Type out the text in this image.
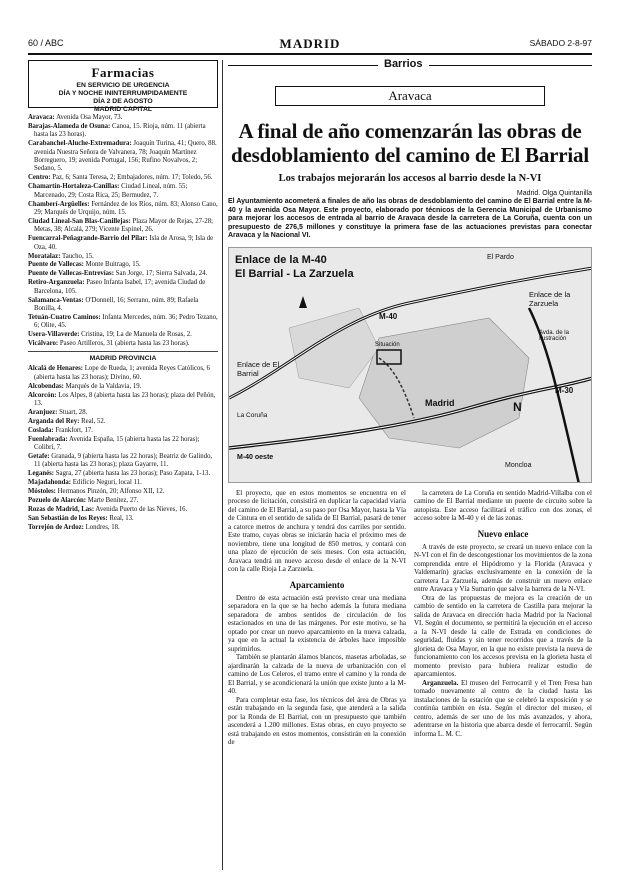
60 / ABC	MADRID	SÁBADO 2-8-97
Farmacias
EN SERVICIO DE URGENCIA
DÍA Y NOCHE ININTERRUMPIDAMENTE
DÍA 2 DE AGOSTO
MADRID CAPITAL

Aravaca: Avenida Osa Mayor, 73.

Barajas-Alameda de Osuna: Canoa, 15. Rioja, núm. 11 (abierta hasta las 23 horas).

Carabanchel-Aluche-Extremadura: Joaquín Turina, 41; Quero, 88. avenida Nuestra Señora de Valvanera, 78; Joaquín Martínez Borreguero, 19; avenida Portugal, 156; Rufino Novalvos, 2; Sedano, 5.

Centro: Paz, 6; Santa Teresa, 2; Embajadores, núm. 17; Toledo, 56.

Chamartín-Hortaleza-Canillas: Ciudad Lineal, núm. 55; Marcenado, 29; Costa Rica, 25; Bermudez, 7.

Chamberí-Argüelles: Fernández de los Ríos, núm. 83; Alonso Cano, 29; Marqués de Urquijo, núm. 15.

Ciudad Lineal-San Blas-Canillejas: Plaza Mayor de Rejas, 27-28; Metas, 38; Alcalá, 279; Vicente Espinel, 26.

Fuencarral-Peñagrande-Barrio del Pilar: Isla de Arosa, 9; Isla de Oza, 40.

Moratalaz: Taucho, 15.

Puente de Vallecas: Monte Buitrago, 15.

Puente de Vallecas-Entrevías: San Jorge, 17; Sierra Salvada, 24.

Retiro-Arganzuela: Paseo Infanta Isabel, 17; avenida Ciudad de Barcelona, 105.

Salamanca-Ventas: O'Donnell, 16; Serrano, núm. 89; Rafaela Bonilla, 4.

Tetuán-Cuatro Caminos: Infanta Mercedes, núm. 36; Pedro Tezano, 6; Olite, 45.

Usera-Villaverde: Cristina, 19; La de Manuela de Rosas, 2.

Vicálvaro: Paseo Artilleros, 31 (abierta hasta las 23 horas).

MADRID PROVINCIA

Alcalá de Henares: Lope de Rueda, 1; avenida Reyes Católicos, 6 (abierta hasta las 23 horas); Divino, 60.

Alcobendas: Marqués de la Valdavia, 19.

Alcorcón: Los Alpes, 8 (abierta hasta las 23 horas); plaza del Peñón, 13.

Aranjuez: Stuart, 28.

Arganda del Rey: Real, 52.

Coslada: Frankfort, 17.

Fuenlabrada: Avenida España, 15 (abierta hasta las 22 horas); Colibrí, 7.

Getafe: Granada, 9 (abierta hasta las 22 horas); Beatriz de Galindo, 11 (abierta hasta las 23 horas); plaza Gayarre, 11.

Leganés: Sagra, 27 (abierta hasta las 23 horas); Paso Zapata, 1-13.

Majadahonda: Edificio Neguri, local 11.

Móstoles: Hermanos Pinzón, 20; Alfonso XII, 12.

Pozuelo de Alarcón: Marte Benítez, 27.

Rozas de Madrid, Las: Avenida Puerto de las Nieves, 16.

San Sebastián de los Reyes: Real, 13.

Torrejón de Ardoz: Londres, 18.

Barrios
Aravaca
A final de año comenzarán las obras de desdoblamiento del camino de El Barrial
Los trabajos mejorarán los accesos al barrio desde la N-VI
Madrid. Olga Quintanilla
El Ayuntamiento acometerá a finales de año las obras de desdoblamiento del camino de El Barrial entre la M-40 y la avenida Osa Mayor. Este proyecto, elaborado por técnicos de la Gerencia Municipal de Urbanismo para mejorar los accesos de entrada al barrio de Aravaca desde la carretera de La Coruña, cuenta con un presupuesto de 276,5 millones y constituye la primera fase de las actuaciones previstas para conectar Aravaca y la Nacional VI.
Enlace de la M-40
El Barrial - La Zarzuela
El Pardo
Enlace de la Zarzuela
M-40
Avda. de la Ilustración
Enlace de El Barrial
La Coruña
Situación
Madrid
M-30
N
M-40 oeste
Moncloa

El proyecto, que en estos momentos se encuentra en el proceso de licitación, consistirá en duplicar la capacidad viaria del camino de El Barrial, a su paso por Osa Mayor, hasta la Vía de Cintura en el sentido de salida de El Barrial, pasará de tener a catorce metros de anchura y tendrá dos carriles por sentido. Este tramo, cuyas obras se iniciarán hacia el próximo mes de noviembre, tiene una longitud de 850 metros, y contará con una plazo de ejecución de seis meses. Con esta actuación, Aravaca tendrá un nuevo acceso desde el enlace de la N-VI con la calle Rioja La Zarzuela.

Aparcamiento

Dentro de esta actuación está previsto crear una mediana separadora en la que se ha hecho además la futura mediana separadora de ambos sentidos de circulación de los estacionados en una de las márgenes. Por este motivo, se ha optado por crear un nuevo aparcamiento en la nueva calzada, ya que en la actual la existencia de árboles hace imposible suprimirlos.

También se plantarán álamos blancos, masetas arboladas, se ajardinarán la calzada de la nueva de urbanización con el camino de Los Celeros, el tramo entre el camino y la ronda de El Barrial, y se acondicionará la unión que existe junto a la M-40.

Para completar esta fase, los técnicos del área de Obras ya están trabajando en la segunda fase, que atenderá a la salida por la Ronda de El Barrial, con un presupuesto que también ascenderá a 1.200 millones. Estas obras, en cuyo proyecto se está trabajando en estos momentos, consistirán en la conexión de

la carretera de La Coruña en sentido Madrid-Villalba con el camino de El Barrial mediante un puente de circuito sobre la autopista. Este acceso facilitará el tráfico con dos zonas, el acceso sobre la M-40 y el de las zonas.

Nuevo enlace

A través de este proyecto, se creará un nuevo enlace con la N-VI con el fin de descongestionar los movimientos de la zona comprendida entre el Hipódromo y la Florida (Aravaca y Valdemarín) gracias exclusivamente en la conexión de la carretera La Zarzuela, además de construir un nuevo enlace entre Aravaca y Vía Sumario que salve la barrera de la N-VI.

Otra de las propuestas de mejora es la creación de un cambio de sentido en la carretera de Castilla para mejorar la salida de Aravaca en dirección hacia Madrid por la Nacional VI. Según el documento, se permitirá la ejecución en el acceso a la N-VI desde la calle de Estrada en condiciones de seguridad, fluidas y sin tener recorridos que a través de la glorieta de Osa Mayor, en la que no existe prevista la nueva de funcionamiento con los accesos prevista en la glorieta hasta el momento previsto para hubiera realizar estudio de aparcamientos.

Arganzuela. El museo del Ferrocarril y el Tren Fresa han tomado nuevamente al centro de la ciudad hasta las instalaciones de la estación que se celebró la exposición y se continúa también en ésta. Según el director del museo, el centro, además de ser uno de los más avanzados, y ahora, adentrarse en la historia que abarca desde el ferrocarril. Según informa L. M. C.
